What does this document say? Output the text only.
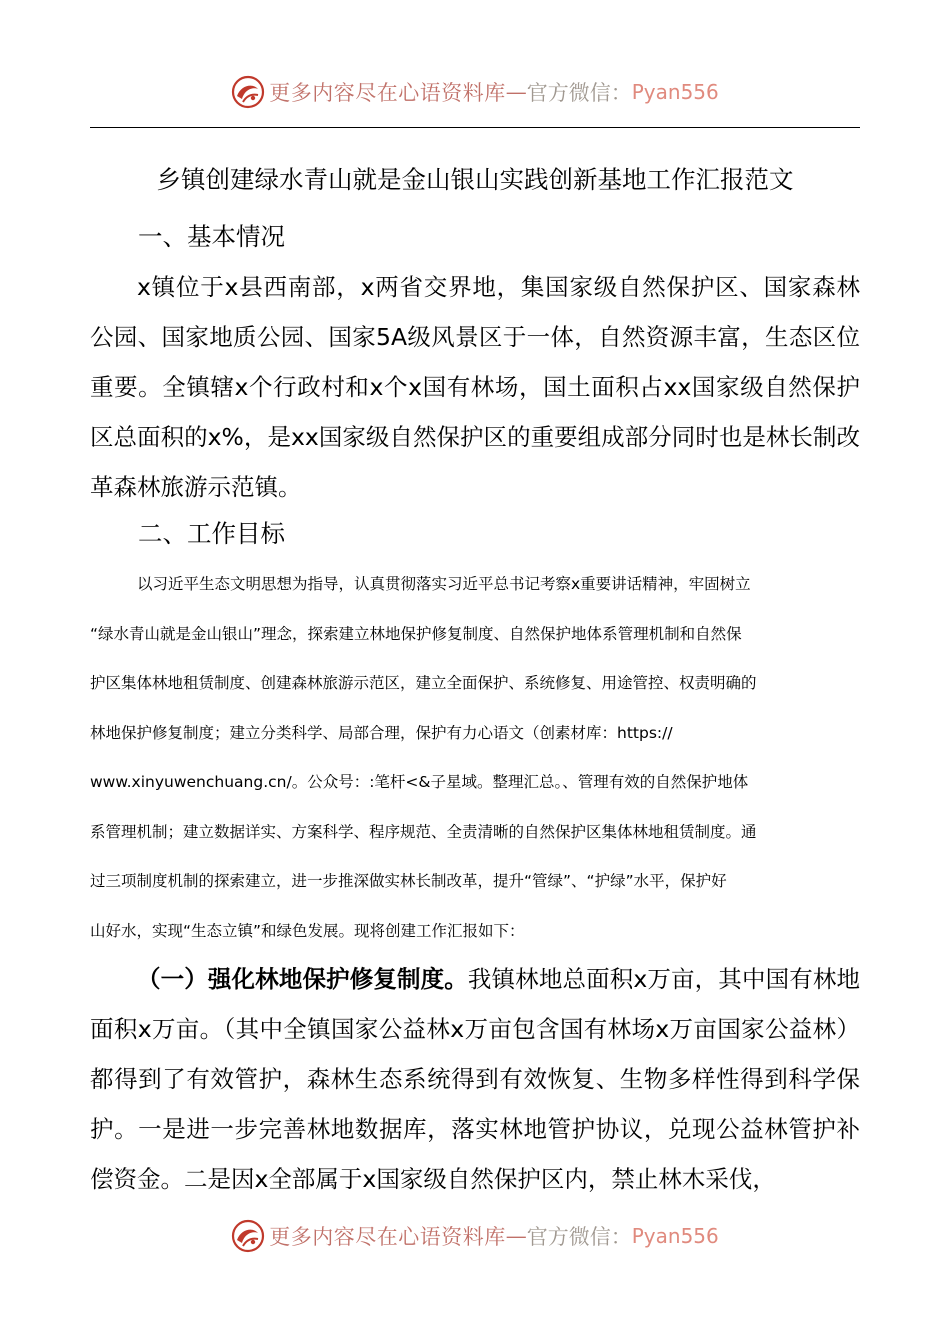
更多内容尽在心语资料库 — 官方微信： Pyan556
乡镇创建绿水青山就是金山银山实践创新基地工作汇报范文
一、基本情况

x镇位于x县西南部，x两省交界地，集国家级自然保护区、国家森林公园、国家地质公园、国家5A级风景区于一体，自然资源丰富，生态区位重要。全镇辖x个行政村和x个x国有林场，国土面积占xx国家级自然保护区总面积的x%，是xx国家级自然保护区的重要组成部分同时也是林长制改革森林旅游示范镇。

二、工作目标
以习近平生态文明思想为指导，认真贯彻落实习近平总书记考察x重要讲话精神，牢固树立
“绿水青山就是金山银山”理念，探索建立林地保护修复制度、自然保护地体系管理机制和自然保
护区集体林地租赁制度、创建森林旅游示范区，建立全面保护、系统修复、用途管控、权责明确的
林地保护修复制度；建立分类科学、局部合理，保护有力心语文（创素材库：https://
www.xinyuwenchuang.cn/。公众号：:笔杆<&子星域。整理汇总。、管理有效的自然保护地体
系管理机制；建立数据详实、方案科学、程序规范、全责清晰的自然保护区集体林地租赁制度。通
过三项制度机制的探索建立，进一步推深做实林长制改革，提升“管绿”、“护绿”水平，保护好
山好水，实现“生态立镇”和绿色发展。现将创建工作汇报如下：

（一）强化林地保护修复制度。我镇林地总面积x万亩，其中国有林地面积x万亩。（其中全镇国家公益林x万亩包含国有林场x万亩国家公益林）都得到了有效管护，森林生态系统得到有效恢复、生物多样性得到科学保护。一是进一步完善林地数据库，落实林地管护协议，兑现公益林管护补偿资金。二是因x全部属于x国家级自然保护区内，禁止林木采伐，

更多内容尽在心语资料库 — 官方微信： Pyan556
